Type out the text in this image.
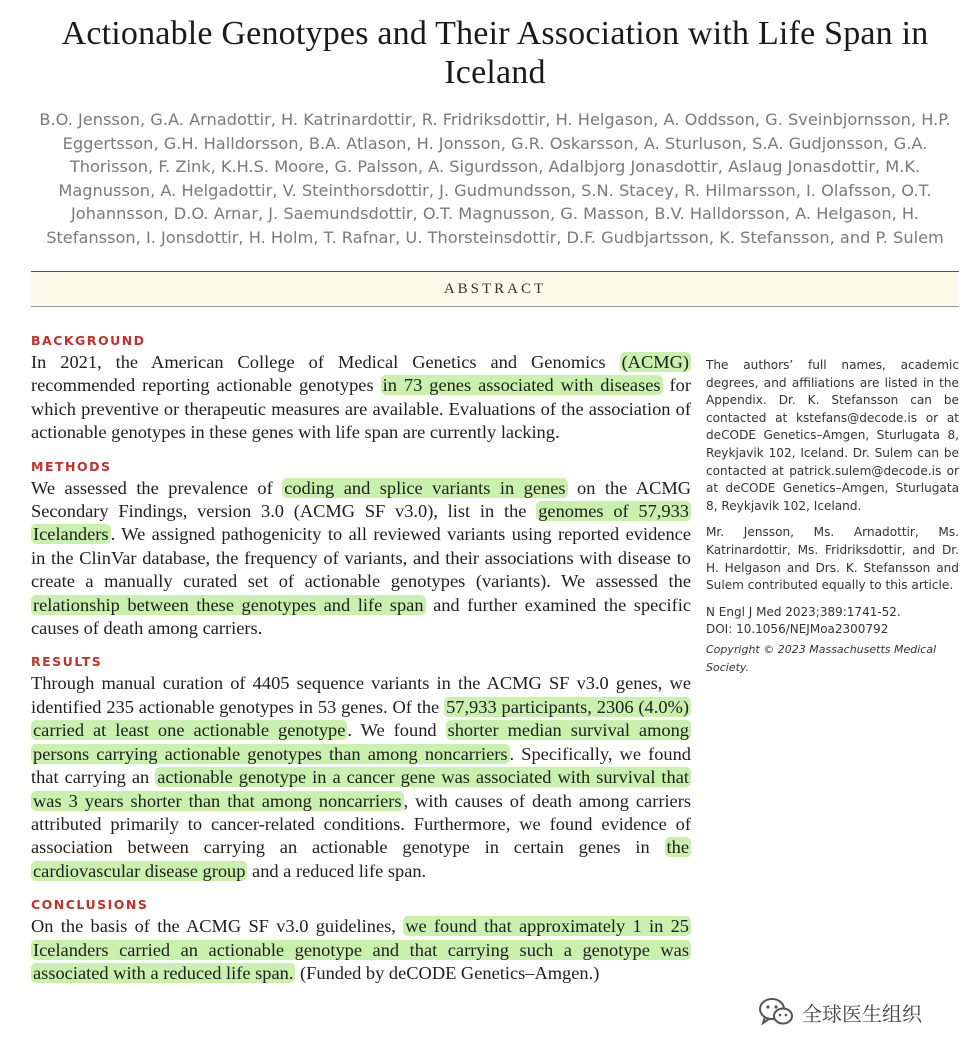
Actionable Genotypes and Their Association with Life Span in Iceland
B.O. Jensson, G.A. Arnadottir, H. Katrinardottir, R. Fridriksdottir, H. Helgason, A. Oddsson, G. Sveinbjornsson, H.P. Eggertsson, G.H. Halldorsson, B.A. Atlason, H. Jonsson, G.R. Oskarsson, A. Sturluson, S.A. Gudjonsson, G.A. Thorisson, F. Zink, K.H.S. Moore, G. Palsson, A. Sigurdsson, Adalbjorg Jonasdottir, Aslaug Jonasdottir, M.K. Magnusson, A. Helgadottir, V. Steinthorsdottir, J. Gudmundsson, S.N. Stacey, R. Hilmarsson, I. Olafsson, O.T. Johannsson, D.O. Arnar, J. Saemundsdottir, O.T. Magnusson, G. Masson, B.V. Halldorsson, A. Helgason, H. Stefansson, I. Jonsdottir, H. Holm, T. Rafnar, U. Thorsteinsdottir, D.F. Gudbjartsson, K. Stefansson, and P. Sulem
ABSTRACT
BACKGROUND

In 2021, the American College of Medical Genetics and Genomics (ACMG) recommended reporting actionable genotypes in 73 genes associated with diseases for which preventive or therapeutic measures are available. Evaluations of the association of actionable genotypes in these genes with life span are currently lacking.

METHODS

We assessed the prevalence of coding and splice variants in genes on the ACMG Secondary Findings, version 3.0 (ACMG SF v3.0), list in the genomes of 57,933 Icelanders . We assigned pathogenicity to all reviewed variants using reported evidence in the ClinVar database, the frequency of variants, and their associations with disease to create a manually curated set of actionable genotypes (variants). We assessed the relationship between these genotypes and life span and further examined the specific causes of death among carriers.

RESULTS

Through manual curation of 4405 sequence variants in the ACMG SF v3.0 genes, we identified 235 actionable genotypes in 53 genes. Of the 57,933 participants, 2306 (4.0%) carried at least one actionable genotype . We found shorter median survival among persons carrying actionable genotypes than among noncarriers . Specifically, we found that carrying an actionable genotype in a cancer gene was associated with survival that was 3 years shorter than that among noncarriers , with causes of death among carriers attributed primarily to cancer-related conditions. Furthermore, we found evidence of association between carrying an actionable genotype in certain genes in the cardiovascular disease group and a reduced life span.

CONCLUSIONS

On the basis of the ACMG SF v3.0 guidelines, we found that approximately 1 in 25 Icelanders carried an actionable genotype and that carrying such a genotype was associated with a reduced life span. (Funded by deCODE Genetics–Amgen.)

The authors’ full names, academic degrees, and affiliations are listed in the Appendix. Dr. K. Stefansson can be contacted at kstefans@decode.is or at deCODE Genetics–Amgen, Sturlugata 8, Reykjavik 102, Iceland. Dr. Sulem can be contacted at patrick.sulem@decode.is or at deCODE Genetics–Amgen, Sturlugata 8, Reykjavik 102, Iceland.

Mr. Jensson, Ms. Arnadottir, Ms. Katrinardottir, Ms. Fridriksdottir, and Dr. H. Helgason and Drs. K. Stefansson and Sulem contributed equally to this article.

N Engl J Med 2023;389:1741-52.
DOI: 10.1056/NEJMoa2300792
Copyright © 2023 Massachusetts Medical Society.
全球医生组织
